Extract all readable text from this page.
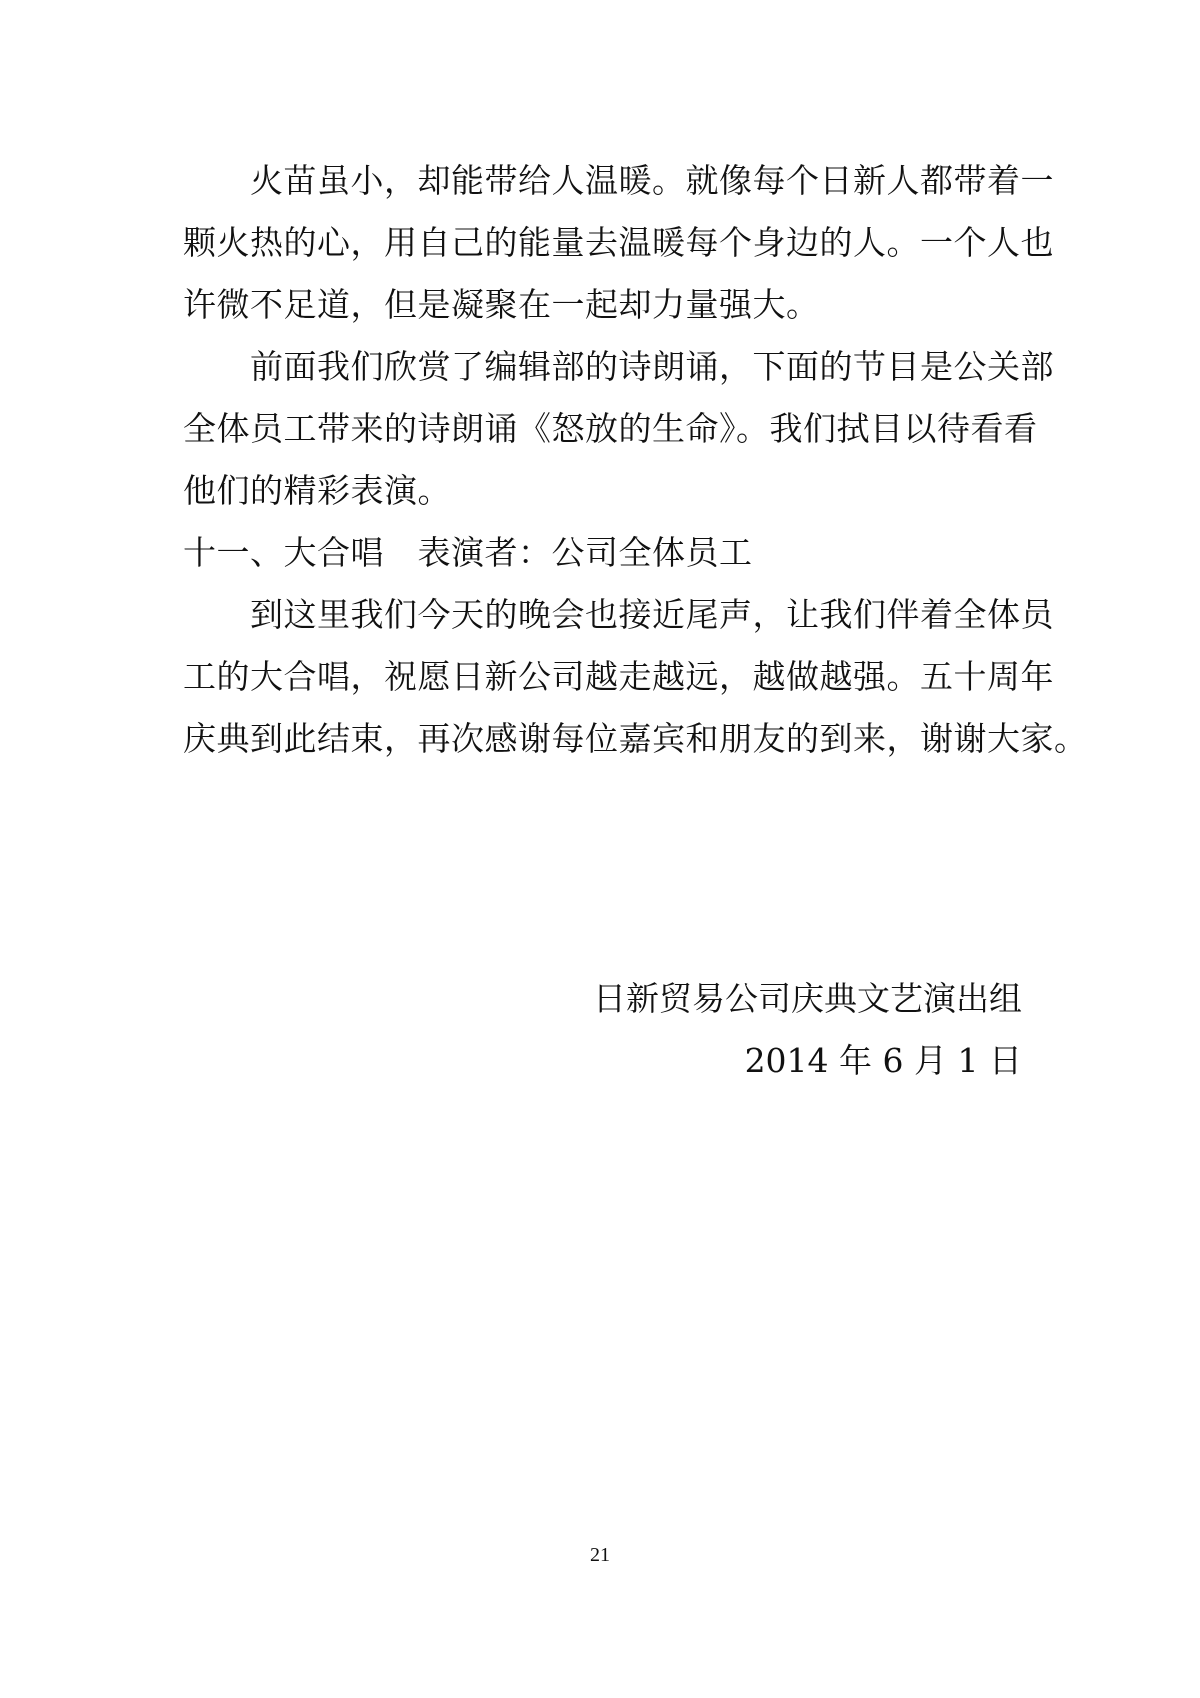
　　火苗虽小，却能带给人温暖。就像每个日新人都带着一
颗火热的心，用自己的能量去温暖每个身边的人。一个人也
许微不足道，但是凝聚在一起却力量强大。
　　前面我们欣赏了编辑部的诗朗诵，下面的节目是公关部
全体员工带来的诗朗诵《怒放的生命》。我们拭目以待看看
他们的精彩表演。
十一、大合唱　表演者：公司全体员工
　　到这里我们今天的晚会也接近尾声，让我们伴着全体员
工的大合唱，祝愿日新公司越走越远，越做越强。五十周年
庆典到此结束，再次感谢每位嘉宾和朋友的到来，谢谢大家。
日新贸易公司庆典文艺演出组
2014 年 6 月 1 日
21
